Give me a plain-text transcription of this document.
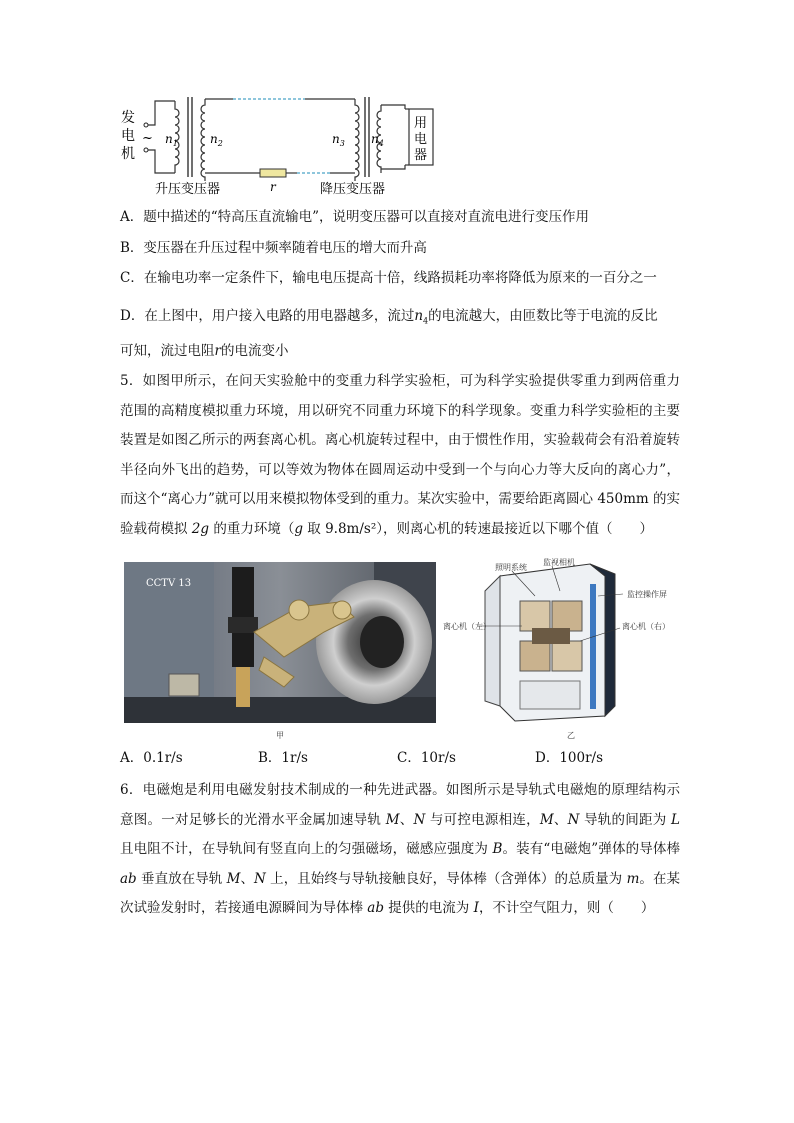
发
电
机
~ $n_1$	$n_2$	$n_3$ $n_4$
用
电
器
升压变压器	r	降压变压器
A．题中描述的“特高压直流输电”，说明变压器可以直接对直流电进行变压作用
B．变压器在升压过程中频率随着电压的增大而升高
C．在输电功率一定条件下，输电电压提高十倍，线路损耗功率将降低为原来的一百分之一
D．在上图中，用户接入电路的用电器越多，流过$n_4$的电流越大，由匝数比等于电流的反比
可知，流过电阻r的电流变小
5．如图甲所示，在问天实验舱中的变重力科学实验柜，可为科学实验提供零重力到两倍重力范围的高精度模拟重力环境，用以研究不同重力环境下的科学现象。变重力科学实验柜的主要装置是如图乙所示的两套离心机。离心机旋转过程中，由于惯性作用，实验载荷会有沿着旋转半径向外飞出的趋势，可以等效为物体在圆周运动中受到一个与向心力等大反向的离心力”，而这个“离心力”就可以用来模拟物体受到的重力。某次实验中，需要给距离圆心 450mm 的实验载荷模拟 2g 的重力环境（g 取 9.8m/s²），则离心机的转速最接近以下哪个值（　　）
CCTV 13
甲
照明系统
监视相机
监控操作屏
离心机（左）	离心机（右）
乙
A．0.1r/s	B．1r/s	C．10r/s	D．100r/s
6．电磁炮是利用电磁发射技术制成的一种先进武器。如图所示是导轨式电磁炮的原理结构示意图。一对足够长的光滑水平金属加速导轨 M、N 与可控电源相连，M、N 导轨的间距为 L 且电阻不计，在导轨间有竖直向上的匀强磁场，磁感应强度为 B。装有“电磁炮”弹体的导体棒 ab 垂直放在导轨 M、N 上，且始终与导轨接触良好，导体棒（含弹体）的总质量为 m。在某次试验发射时，若接通电源瞬间为导体棒 ab 提供的电流为 I，不计空气阻力，则（　　）
